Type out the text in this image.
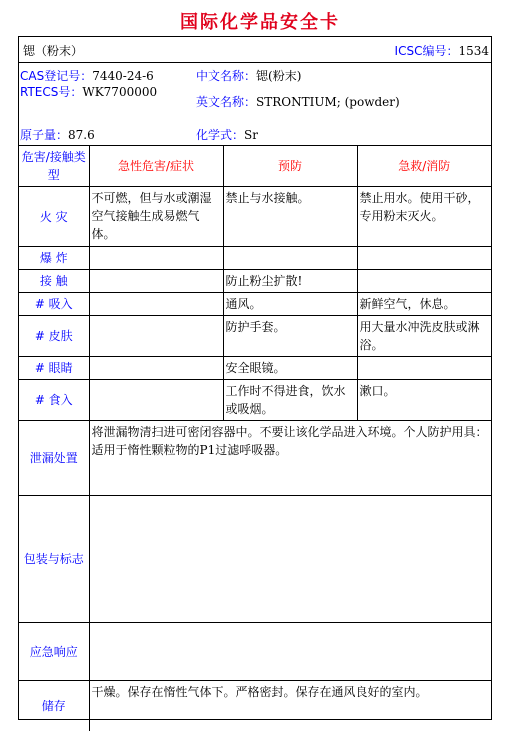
国际化学品安全卡
锶（粉末）	ICSC编号：1534
CAS登记号：7440-24-6
RTECS号：WK7700000
中文名称：锶(粉末)
英文名称：STRONTIUM; (powder)
原子量：87.6	化学式：Sr
危害/接触类型	急性危害/症状	预防	急救/消防
火 灾	不可燃，但与水或潮湿空气接触生成易燃气体。	禁止与水接触。	禁止用水。使用干砂，专用粉末灭火。
爆 炸			
接 触		防止粉尘扩散!	
# 吸入		通风。	新鲜空气，休息。
# 皮肤		防护手套。	用大量水冲洗皮肤或淋浴。
# 眼睛		安全眼镜。	
# 食入		工作时不得进食，饮水或吸烟。	漱口。
泄漏处置	将泄漏物清扫进可密闭容器中。不要让该化学品进入环境。个人防护用具：适用于惰性颗粒物的P1过滤呼吸器。		
包装与标志			
应急响应			
储存	干燥。保存在惰性气体下。严格密封。保存在通风良好的室内。		
